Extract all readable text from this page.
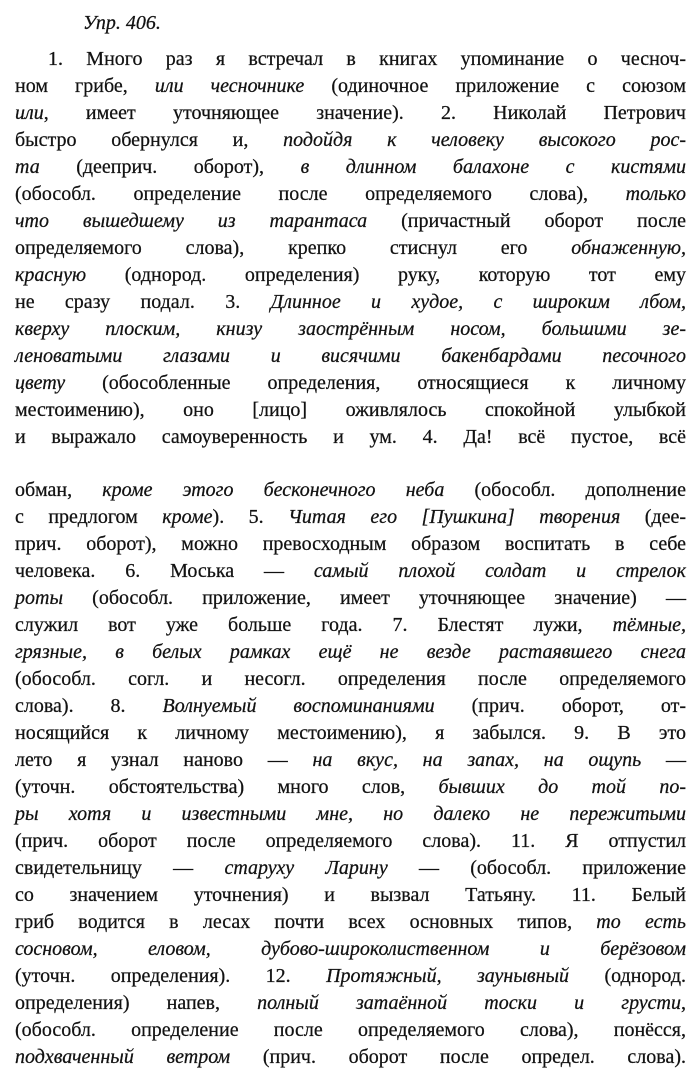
Упр. 406.

1. Много раз я встречал в книгах упоминание о чесноч-
ном грибе, или чесночнике (одиночное приложение с союзом
или, имеет уточняющее значение). 2. Николай Петрович
быстро обернулся и, подойдя к человеку высокого рос-
та (дееприч. оборот), в длинном балахоне с кистями
(обособл. определение после определяемого слова), только
что вышедшему из тарантаса (причастный оборот после
определяемого слова), крепко стиснул его обнаженную,
красную (однород. определения) руку, которую тот ему
не сразу подал. 3. Длинное и худое, с широким лбом,
кверху плоским, книзу заострённым носом, большими зе-
леноватыми глазами и висячими бакенбардами песочного
цвету (обособленные определения, относящиеся к личному
местоимению), оно [лицо] оживлялось спокойной улыбкой
и выражало самоуверенность и ум. 4. Да! всё пустое, всё
обман, кроме этого бесконечного неба (обособл. дополнение
с предлогом кроме). 5. Читая его [Пушкина] творения (дее-
прич. оборот), можно превосходным образом воспитать в себе
человека. 6. Моська — самый плохой солдат и стрелок
роты (обособл. приложение, имеет уточняющее значение) —
служил вот уже больше года. 7. Блестят лужи, тёмные,
грязные, в белых рамках ещё не везде растаявшего снега
(обособл. согл. и несогл. определения после определяемого
слова). 8. Волнуемый воспоминаниями (прич. оборот, от-
носящийся к личному местоимению), я забылся. 9. В это
лето я узнал наново — на вкус, на запах, на ощупь —
(уточн. обстоятельства) много слов, бывших до той по-
ры хотя и известными мне, но далеко не пережитыми
(прич. оборот после определяемого слова). 11. Я отпустил
свидетельницу — старуху Ларину — (обособл. приложение
со значением уточнения) и вызвал Татьяну. 11. Белый
гриб водится в лесах почти всех основных типов, то есть
сосновом, еловом, дубово-широколиственном и берёзовом
(уточн. определения). 12. Протяжный, заунывный (однород.
определения) напев, полный затаённой тоски и грусти,
(обособл. определение после определяемого слова), понёсся,
подхваченный ветром (прич. оборот после определ. слова).
